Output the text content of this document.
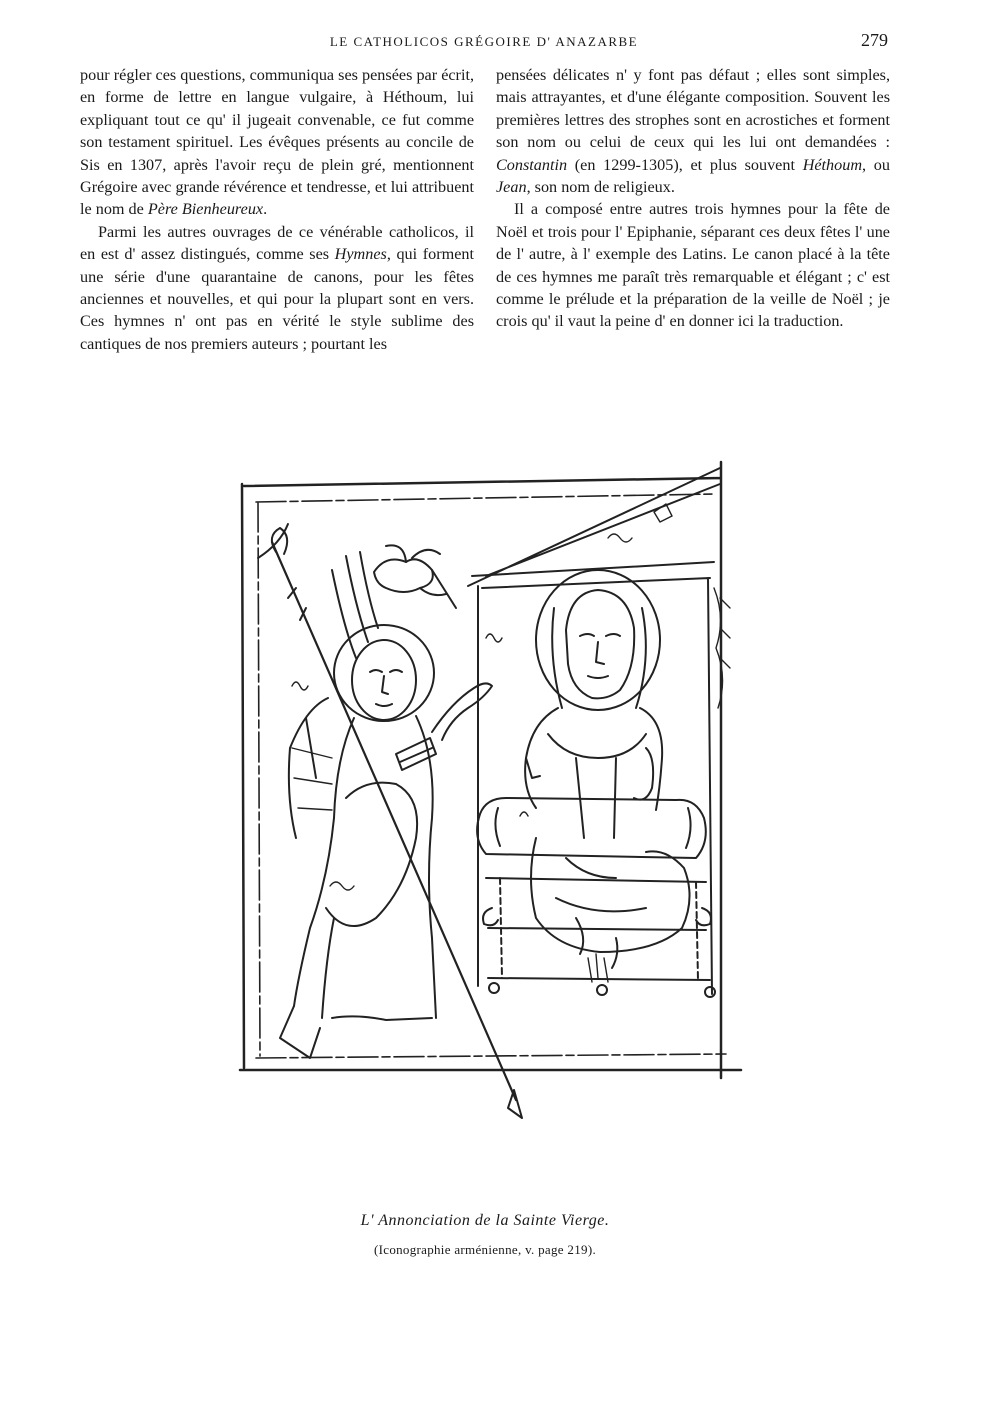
LE CATHOLICOS GRÉGOIRE D' ANAZARBE	279

pour régler ces questions, communiqua ses pensées par écrit, en forme de lettre en langue vulgaire, à Héthoum, lui expliquant tout ce qu' il jugeait convenable, ce fut comme son testament spirituel. Les évêques présents au concile de Sis en 1307, après l'avoir reçu de plein gré, mentionnent Grégoire avec grande révérence et tendresse, et lui attribuent le nom de Père Bienheureux.

Parmi les autres ouvrages de ce vénérable catholicos, il en est d' assez distingués, comme ses Hymnes, qui forment une série d'une quarantaine de canons, pour les fêtes anciennes et nouvelles, et qui pour la plupart sont en vers. Ces hymnes n' ont pas en vérité le style sublime des cantiques de nos premiers auteurs ; pourtant les

pensées délicates n' y font pas défaut ; elles sont simples, mais attrayantes, et d'une élégante composition. Souvent les premières lettres des strophes sont en acrostiches et forment son nom ou celui de ceux qui les lui ont demandées : Constantin (en 1299-1305), et plus souvent Héthoum, ou Jean, son nom de religieux.

Il a composé entre autres trois hymnes pour la fête de Noël et trois pour l' Epiphanie, séparant ces deux fêtes l' une de l' autre, à l' exemple des Latins. Le canon placé à la tête de ces hymnes me paraît très remarquable et élégant ; c' est comme le prélude et la préparation de la veille de Noël ; je crois qu' il vaut la peine d' en donner ici la traduction.

L' Annonciation de la Sainte Vierge.
(Iconographie arménienne, v. page 219).
